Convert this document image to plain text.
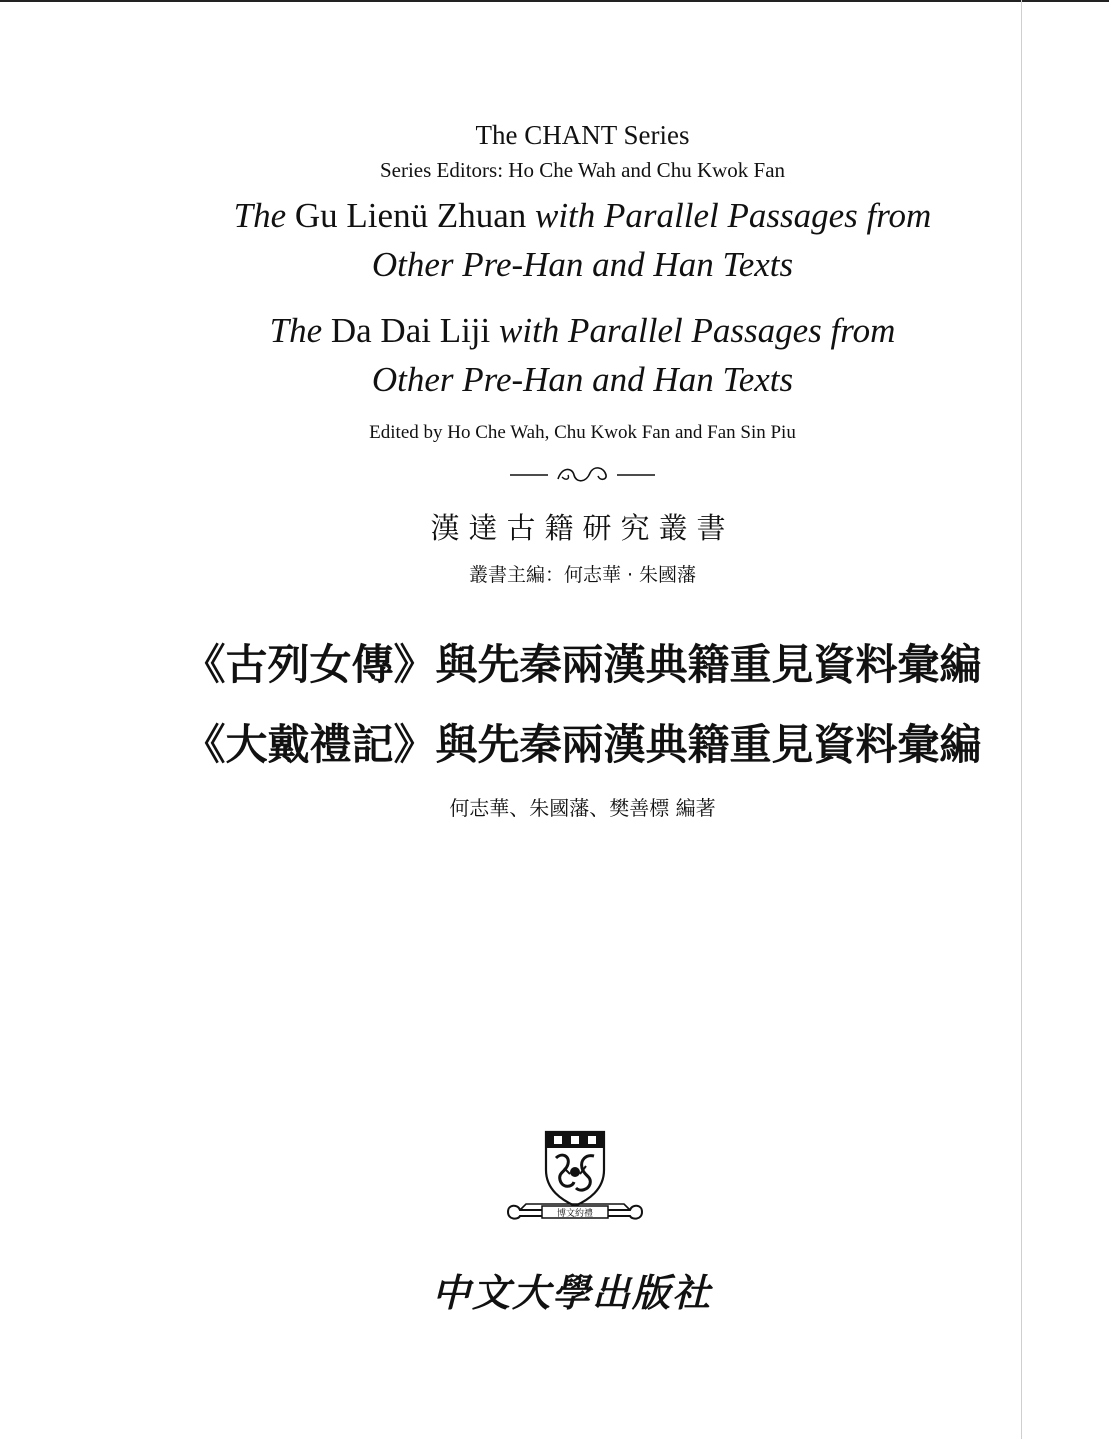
The CHANT Series
Series Editors: Ho Che Wah and Chu Kwok Fan
The Gu Lienü Zhuan with Parallel Passages from
Other Pre-Han and Han Texts
The Da Dai Liji with Parallel Passages from
Other Pre-Han and Han Texts
Edited by Ho Che Wah, Chu Kwok Fan and Fan Sin Piu
漢達古籍研究叢書
叢書主編：何志華 · 朱國藩
《古列女傳》與先秦兩漢典籍重見資料彙編
《大戴禮記》與先秦兩漢典籍重見資料彙編
何志華、朱國藩、樊善標 編著
博文約禮
中文大學出版社
